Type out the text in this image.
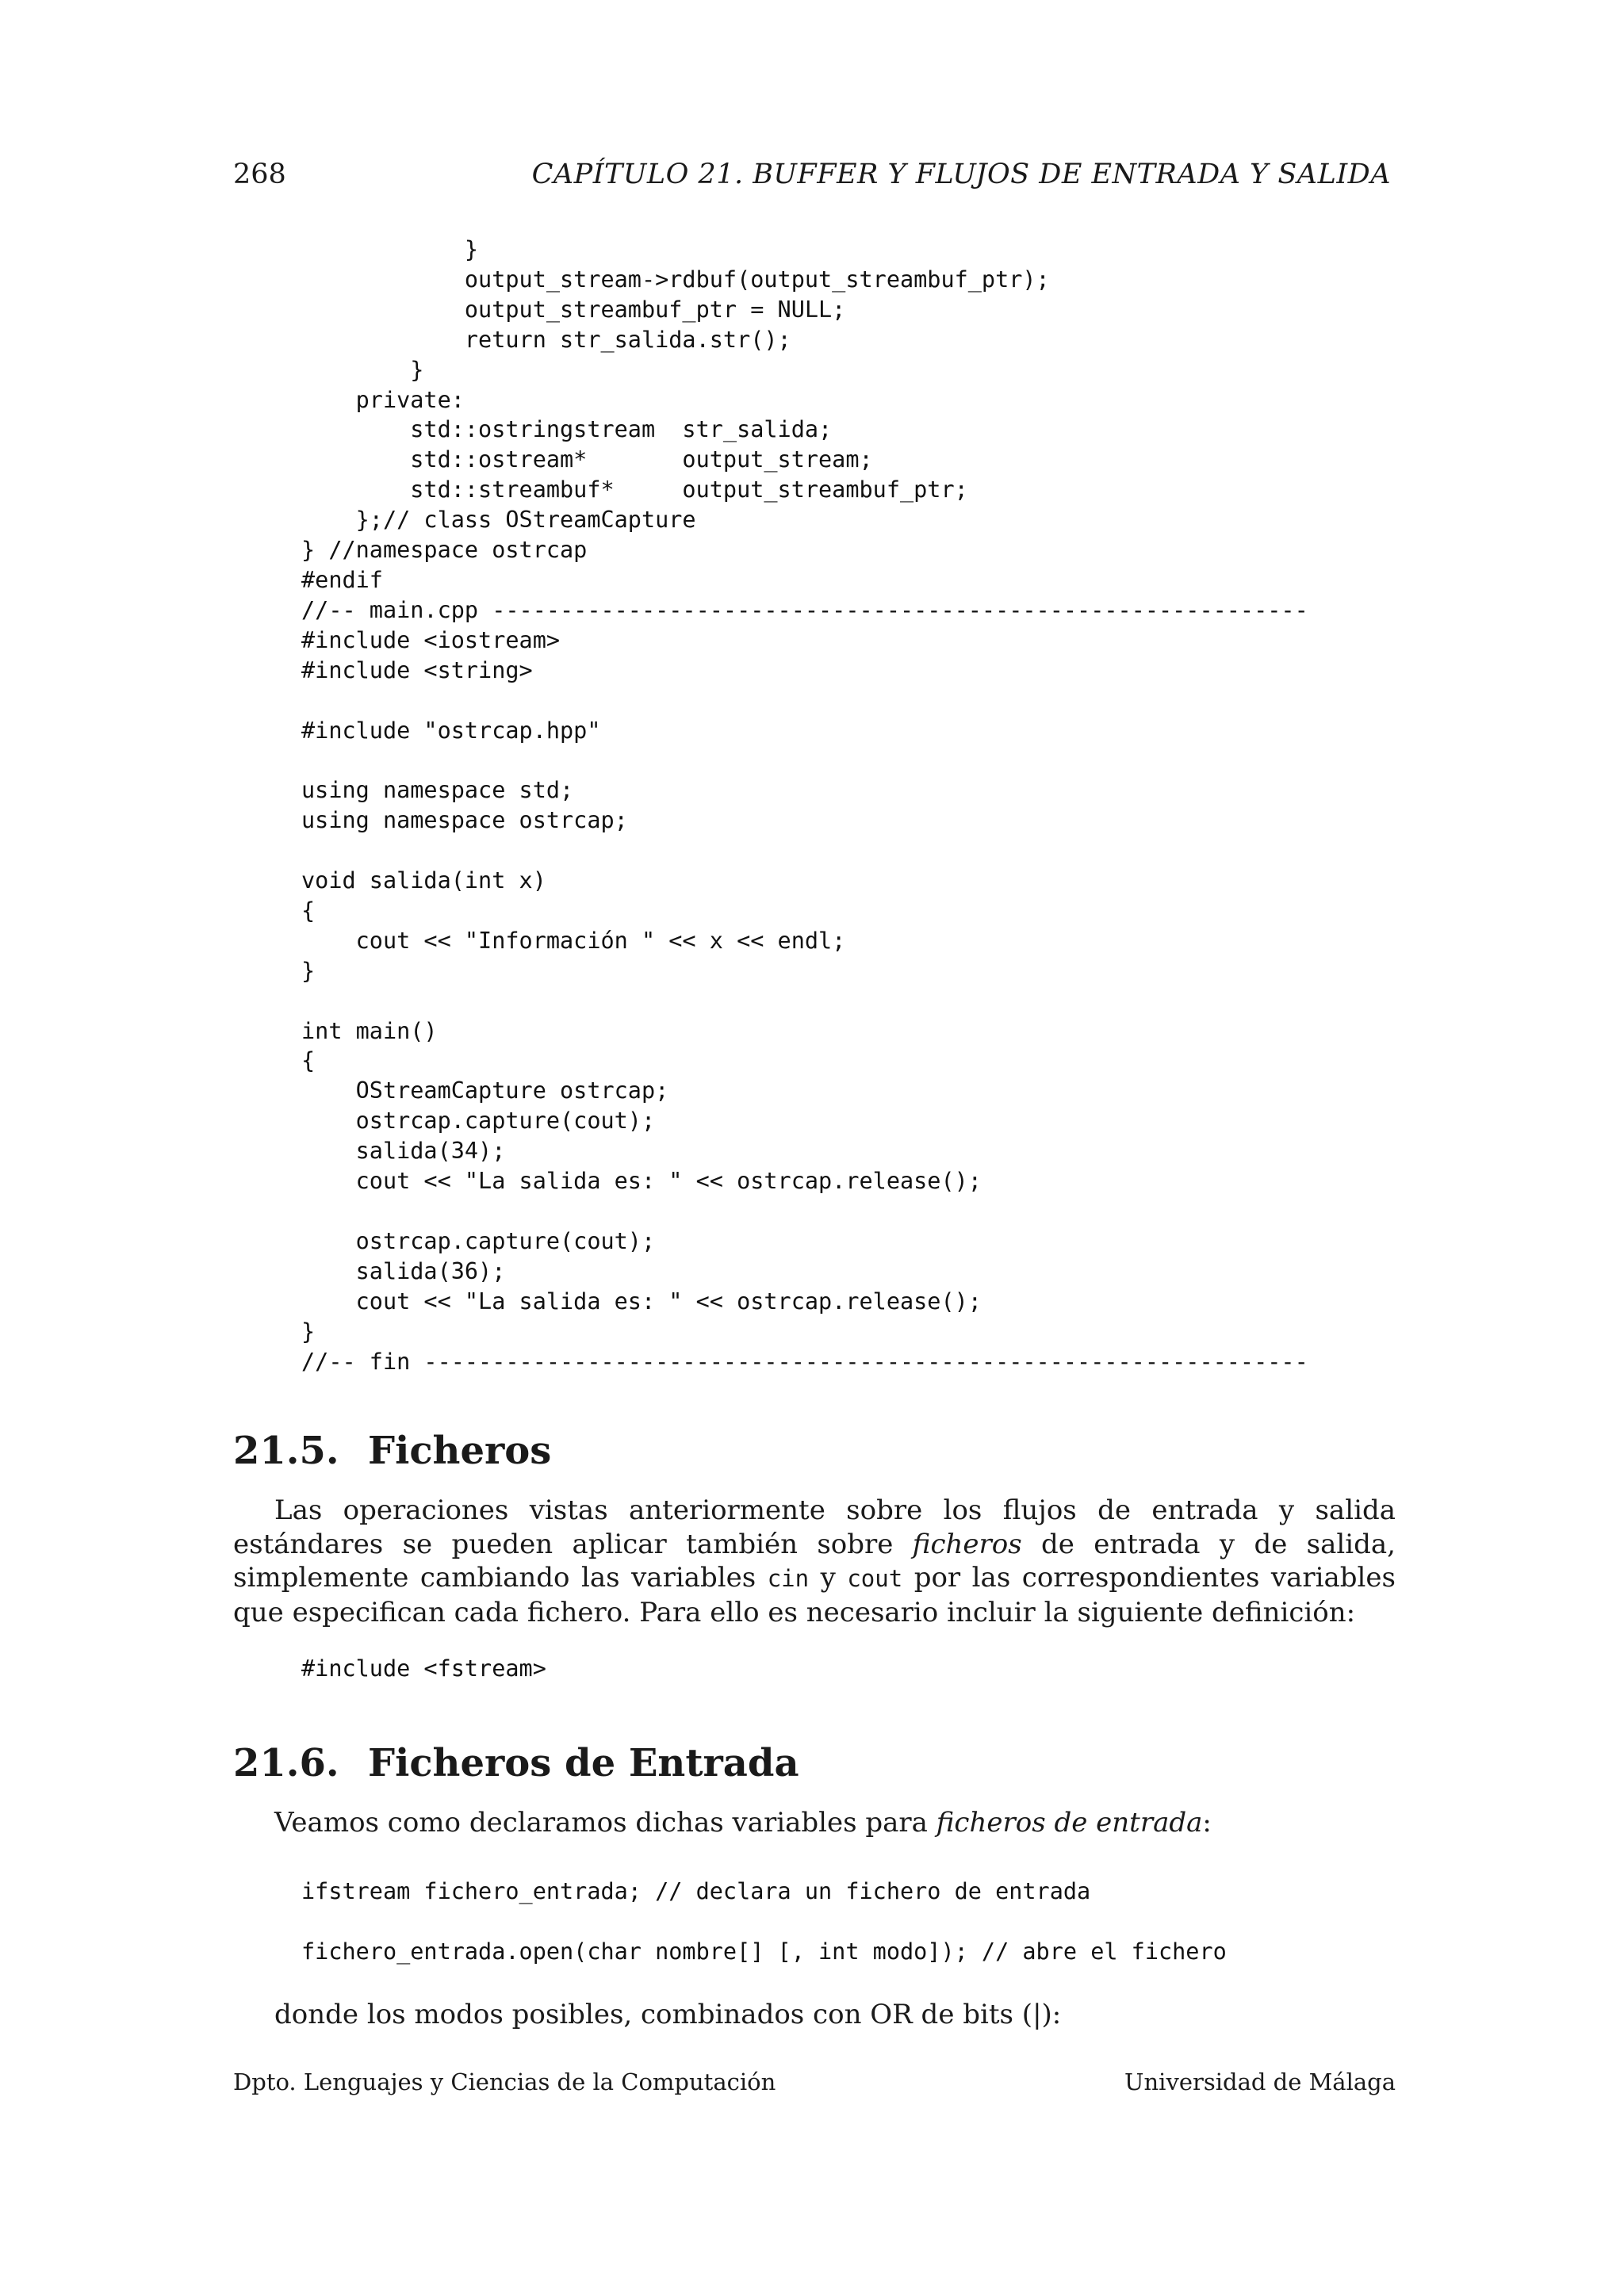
268	CAPÍTULO 21. BUFFER Y FLUJOS DE ENTRADA Y SALIDA
}
output_stream->rdbuf(output_streambuf_ptr);
output_streambuf_ptr = NULL;
return str_salida.str();
}
private:
std::ostringstream  str_salida;
std::ostream*       output_stream;
std::streambuf*     output_streambuf_ptr;
};// class OStreamCapture
} //namespace ostrcap
#endif
//-- main.cpp ------------------------------------------------------------
#include <iostream>
#include <string>

#include "ostrcap.hpp"

using namespace std;
using namespace ostrcap;

void salida(int x)
{
cout << "Información " << x << endl;
}

int main()
{
OStreamCapture ostrcap;
ostrcap.capture(cout);
salida(34);
cout << "La salida es: " << ostrcap.release();

ostrcap.capture(cout);
salida(36);
cout << "La salida es: " << ostrcap.release();
}
//-- fin -----------------------------------------------------------------
21.5. Ficheros

Las operaciones vistas anteriormente sobre los flujos de entrada y salida estándares se pueden aplicar también sobre ficheros de entrada y de salida, simplemente cambiando las variables cin y cout por las correspondientes variables que especifican cada fichero. Para ello es necesario incluir la siguiente definición:

#include <fstream>
21.6. Ficheros de Entrada

Veamos como declaramos dichas variables para ficheros de entrada:

ifstream fichero_entrada; // declara un fichero de entrada
fichero_entrada.open(char nombre[] [, int modo]); // abre el fichero

donde los modos posibles, combinados con OR de bits (|):

Dpto. Lenguajes y Ciencias de la Computación	Universidad de Málaga
